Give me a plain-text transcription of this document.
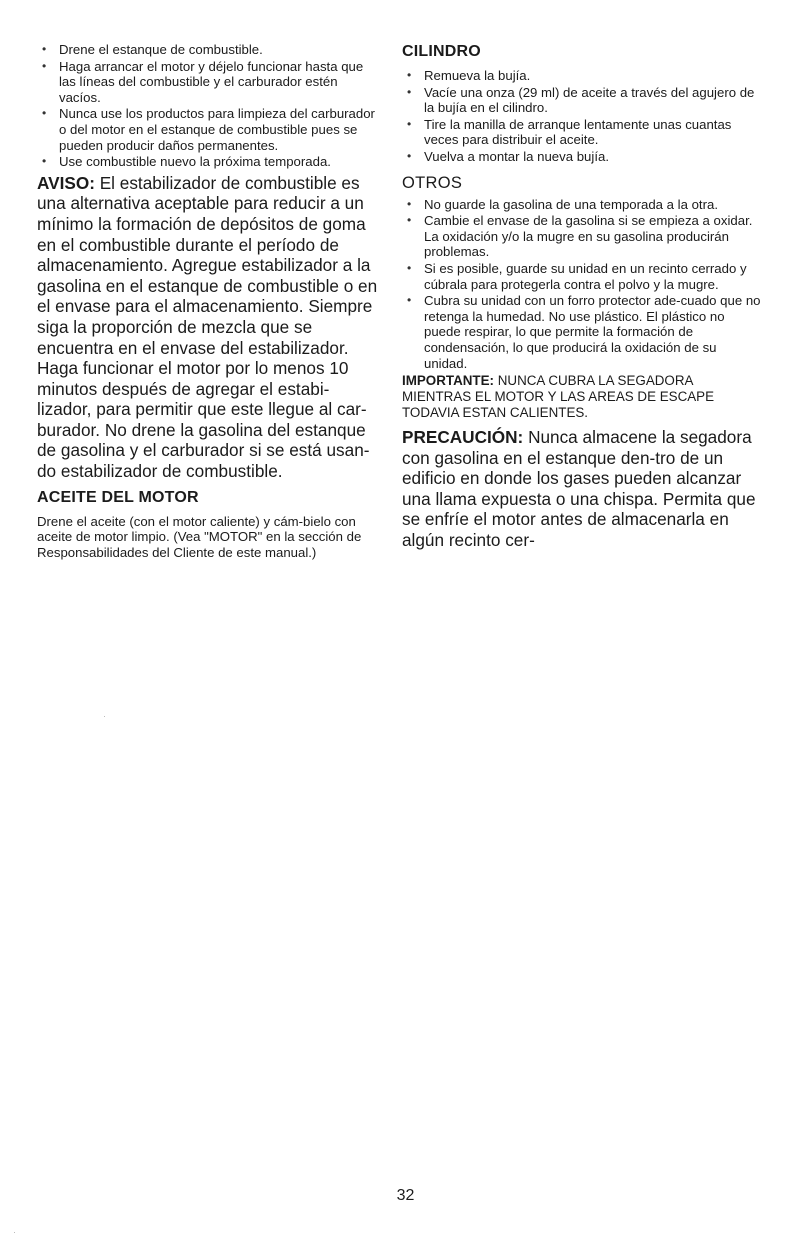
• Drene el estanque de combustible.
• Haga arrancar el motor y déjelo funcionar hasta que las líneas del combustible y el carburador estén vacíos.
• Nunca use los productos para limpieza del carburador o del motor en el estanque de combustible pues se pueden producir daños permanentes.
• Use combustible nuevo la próxima temporada.
AVISO: El estabilizador de combustible es una alternativa aceptable para reducir a un mínimo la formación de depósitos de goma en el combustible durante el período de almacenamiento. Agregue estabilizador a la gasolina en el estanque de combustible o en el envase para el almacenamiento. Siempre siga la proporción de mezcla que se encuentra en el envase del estabilizador. Haga funcionar el motor por lo menos 10 minutos después de agregar el estabi-lizador, para permitir que este llegue al car-burador. No drene la gasolina del estanque de gasolina y el carburador si se está usan-do estabilizador de combustible.
ACEITE DEL MOTOR
Drene el aceite (con el motor caliente) y cám-bielo con aceite de motor limpio. (Vea "MOTOR" en la sección de Responsabilidades del Cliente de este manual.)
CILINDRO
• Remueva la bujía.
• Vacíe una onza (29 ml) de aceite a través del agujero de la bujía en el cilindro.
• Tire la manilla de arranque lentamente unas cuantas veces para distribuir el aceite.
• Vuelva a montar la nueva bujía.
OTROS
• No guarde la gasolina de una temporada a la otra.
• Cambie el envase de la gasolina si se empieza a oxidar. La oxidación y/o la mugre en su gasolina producirán problemas.
• Si es posible, guarde su unidad en un recinto cerrado y cúbrala para protegerla contra el polvo y la mugre.
• Cubra su unidad con un forro protector ade-cuado que no retenga la humedad. No use plástico. El plástico no puede respirar, lo que permite la formación de condensación, lo que producirá la oxidación de su unidad.
IMPORTANTE: NUNCA CUBRA LA SEGADORA MIENTRAS EL MOTOR Y LAS AREAS DE ESCAPE TODAVIA ESTAN CALIENTES.
PRECAUCIÓN: Nunca almacene la segadora con gasolina en el estanque den-tro de un edificio en donde los gases pueden alcanzar una llama expuesta o una chispa. Permita que se enfríe el motor antes de almacenarla en algún recinto cer-
32
